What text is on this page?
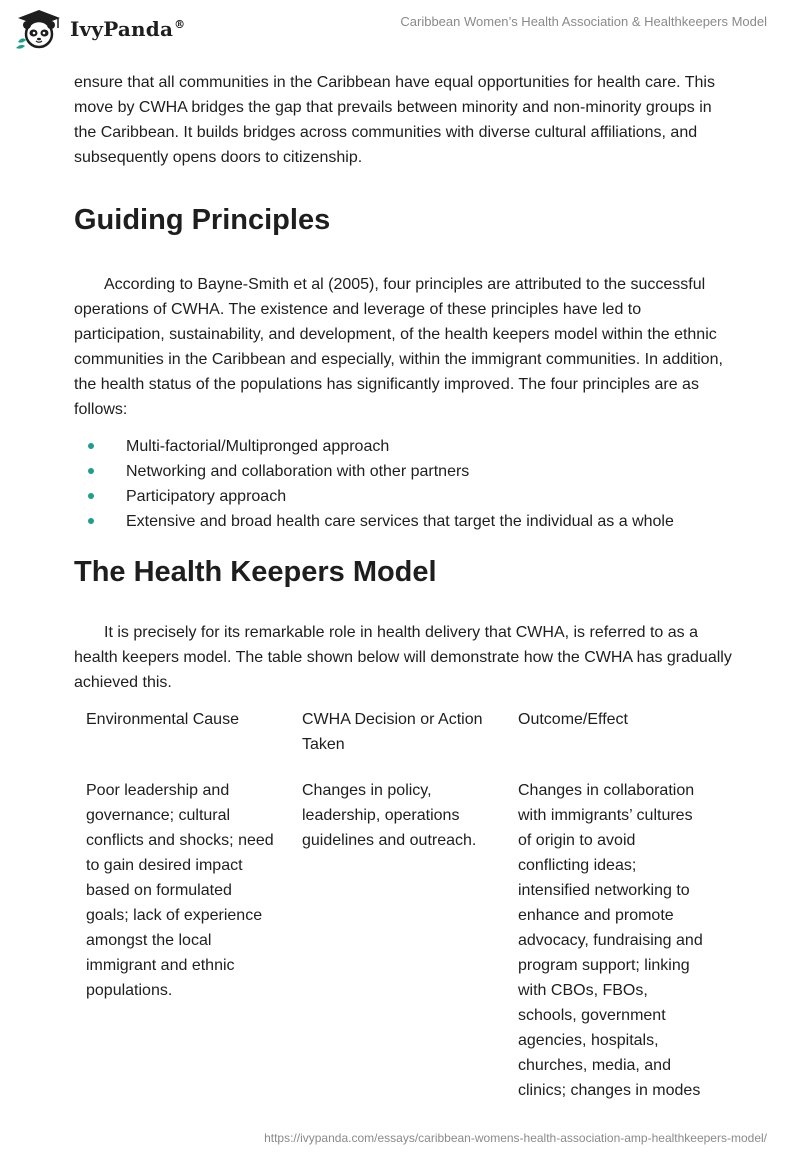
IvyPanda®	Caribbean Women’s Health Association & Healthkeepers Model

ensure that all communities in the Caribbean have equal opportunities for health care. This move by CWHA bridges the gap that prevails between minority and non-minority groups in the Caribbean. It builds bridges across communities with diverse cultural affiliations, and subsequently opens doors to citizenship.

Guiding Principles

According to Bayne-Smith et al (2005), four principles are attributed to the successful operations of CWHA. The existence and leverage of these principles have led to participation, sustainability, and development, of the health keepers model within the ethnic communities in the Caribbean and especially, within the immigrant communities. In addition, the health status of the populations has significantly improved. The four principles are as follows:

Multi-factorial/Multipronged approach
Networking and collaboration with other partners
Participatory approach
Extensive and broad health care services that target the individual as a whole
The Health Keepers Model

It is precisely for its remarkable role in health delivery that CWHA, is referred to as a health keepers model. The table shown below will demonstrate how the CWHA has gradually achieved this.

Environmental Cause	CWHA Decision or Action Taken
Outcome/Effect
Poor leadership and governance; cultural conflicts and shocks; need to gain desired impact based on formulated goals; lack of experience amongst the local immigrant and ethnic populations.
Changes in policy, leadership, operations guidelines and outreach.
Changes in collaboration with immigrants’ cultures of origin to avoid conflicting ideas; intensified networking to enhance and promote advocacy, fundraising and program support; linking with CBOs, FBOs, schools, government agencies, hospitals, churches, media, and clinics; changes in modes
https://ivypanda.com/essays/caribbean-womens-health-association-amp-healthkeepers-model/
